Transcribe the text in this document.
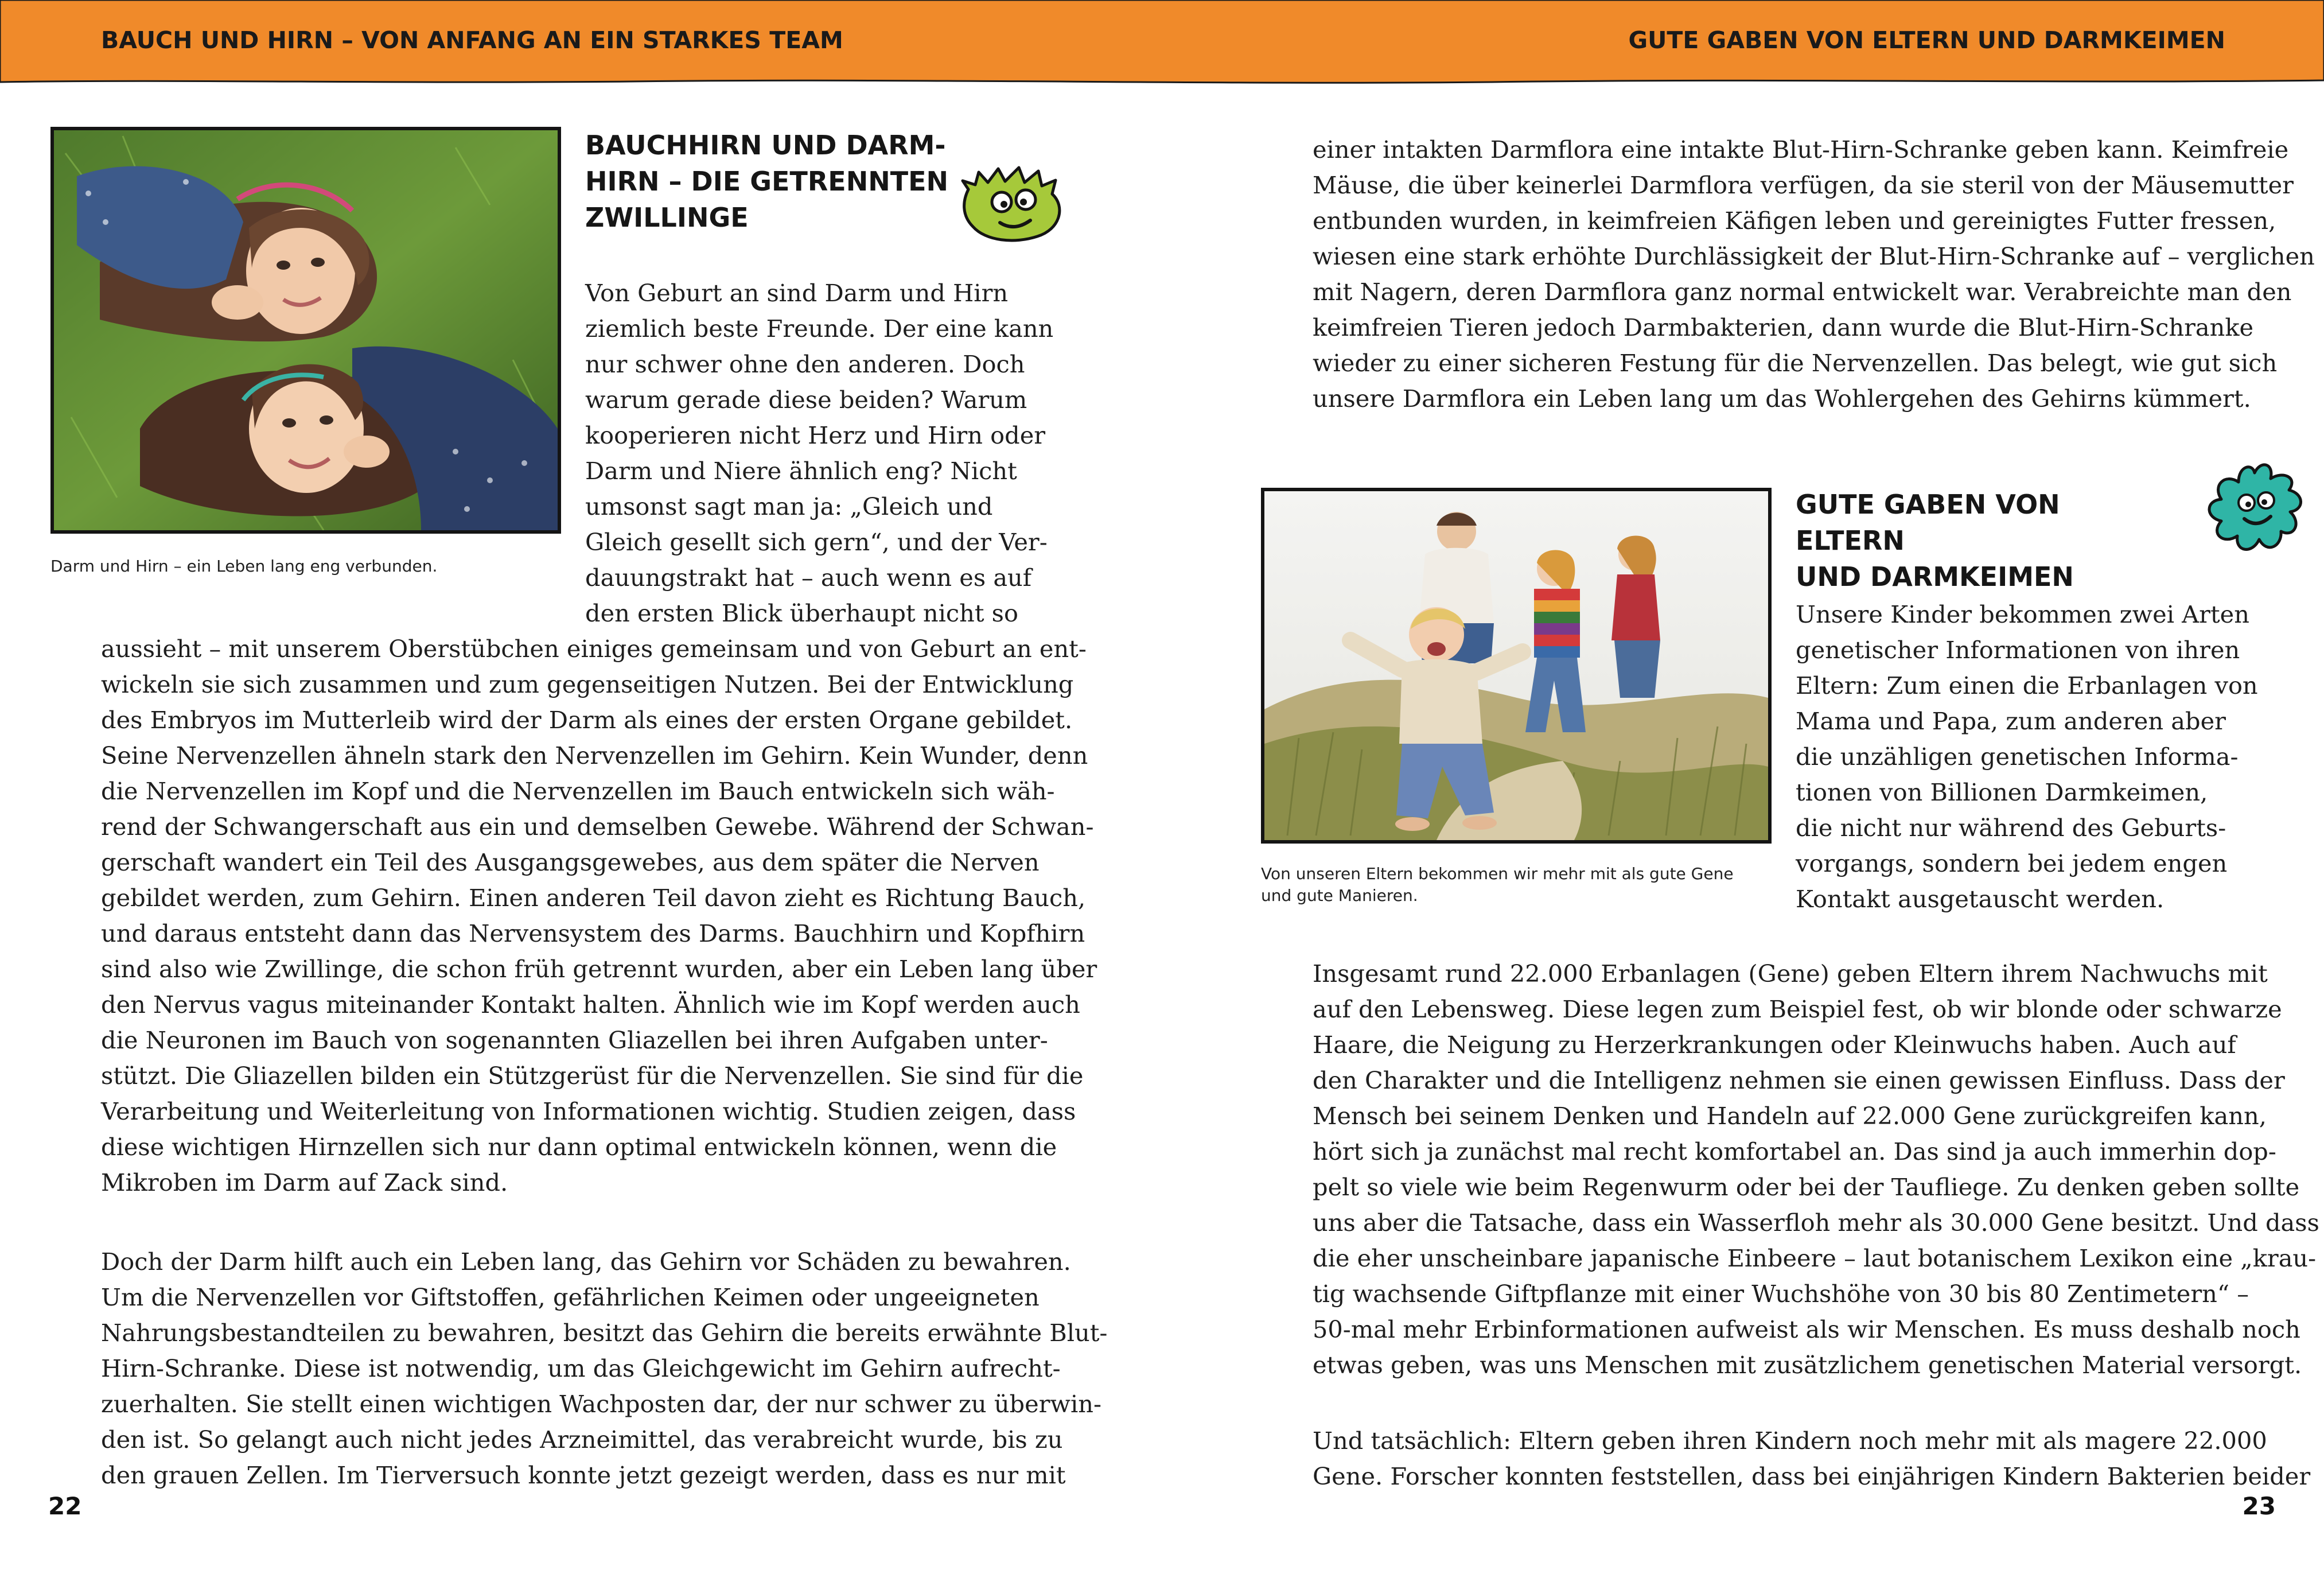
BAUCH UND HIRN – VON ANFANG AN EIN STARKES TEAM	GUTE GABEN VON ELTERN UND DARMKEIMEN
Darm und Hirn – ein Leben lang eng verbunden.
BAUCHHIRN UND DARM-
HIRN – DIE GETRENNTEN
ZWILLINGE
Von Geburt an sind Darm und Hirn
ziemlich beste Freunde. Der eine kann
nur schwer ohne den anderen. Doch
warum gerade diese beiden? Warum
kooperieren nicht Herz und Hirn oder
Darm und Niere ähnlich eng? Nicht
umsonst sagt man ja: „Gleich und
Gleich gesellt sich gern“, und der Ver-
dauungstrakt hat – auch wenn es auf
den ersten Blick überhaupt nicht so
aussieht – mit unserem Oberstübchen einiges gemeinsam und von Geburt an ent-
wickeln sie sich zusammen und zum gegenseitigen Nutzen. Bei der Entwicklung
des Embryos im Mutterleib wird der Darm als eines der ersten Organe gebildet.
Seine Nervenzellen ähneln stark den Nervenzellen im Gehirn. Kein Wunder, denn
die Nervenzellen im Kopf und die Nervenzellen im Bauch entwickeln sich wäh-
rend der Schwangerschaft aus ein und demselben Gewebe. Während der Schwan-
gerschaft wandert ein Teil des Ausgangsgewebes, aus dem später die Nerven
gebildet werden, zum Gehirn. Einen anderen Teil davon zieht es Richtung Bauch,
und daraus entsteht dann das Nervensystem des Darms. Bauchhirn und Kopfhirn
sind also wie Zwillinge, die schon früh getrennt wurden, aber ein Leben lang über
den Nervus vagus miteinander Kontakt halten. Ähnlich wie im Kopf werden auch
die Neuronen im Bauch von sogenannten Gliazellen bei ihren Aufgaben unter-
stützt. Die Gliazellen bilden ein Stützgerüst für die Nervenzellen. Sie sind für die
Verarbeitung und Weiterleitung von Informationen wichtig. Studien zeigen, dass
diese wichtigen Hirnzellen sich nur dann optimal entwickeln können, wenn die
Mikroben im Darm auf Zack sind.
Doch der Darm hilft auch ein Leben lang, das Gehirn vor Schäden zu bewahren.
Um die Nervenzellen vor Giftstoffen, gefährlichen Keimen oder ungeeigneten
Nahrungsbestandteilen zu bewahren, besitzt das Gehirn die bereits erwähnte Blut-
Hirn-Schranke. Diese ist notwendig, um das Gleichgewicht im Gehirn aufrecht-
zuerhalten. Sie stellt einen wichtigen Wachposten dar, der nur schwer zu überwin-
den ist. So gelangt auch nicht jedes Arzneimittel, das verabreicht wurde, bis zu
den grauen Zellen. Im Tierversuch konnte jetzt gezeigt werden, dass es nur mit
22
einer intakten Darmflora eine intakte Blut-Hirn-Schranke geben kann. Keimfreie
Mäuse, die über keinerlei Darmflora verfügen, da sie steril von der Mäusemutter
entbunden wurden, in keimfreien Käfigen leben und gereinigtes Futter fressen,
wiesen eine stark erhöhte Durchlässigkeit der Blut-Hirn-Schranke auf – verglichen
mit Nagern, deren Darmflora ganz normal entwickelt war. Verabreichte man den
keimfreien Tieren jedoch Darmbakterien, dann wurde die Blut-Hirn-Schranke
wieder zu einer sicheren Festung für die Nervenzellen. Das belegt, wie gut sich
unsere Darmflora ein Leben lang um das Wohlergehen des Gehirns kümmert.
Von unseren Eltern bekommen wir mehr mit als gute Gene
und gute Manieren.
GUTE GABEN VON ELTERN
UND DARMKEIMEN
Unsere Kinder bekommen zwei Arten
genetischer Informationen von ihren
Eltern: Zum einen die Erbanlagen von
Mama und Papa, zum anderen aber
die unzähligen genetischen Informa-
tionen von Billionen Darmkeimen,
die nicht nur während des Geburts-
vorgangs, sondern bei jedem engen
Kontakt ausgetauscht werden.
Insgesamt rund 22.000 Erbanlagen (Gene) geben Eltern ihrem Nachwuchs mit
auf den Lebensweg. Diese legen zum Beispiel fest, ob wir blonde oder schwarze
Haare, die Neigung zu Herzerkrankungen oder Kleinwuchs haben. Auch auf
den Charakter und die Intelligenz nehmen sie einen gewissen Einfluss. Dass der
Mensch bei seinem Denken und Handeln auf 22.000 Gene zurückgreifen kann,
hört sich ja zunächst mal recht komfortabel an. Das sind ja auch immerhin dop-
pelt so viele wie beim Regenwurm oder bei der Taufliege. Zu denken geben sollte
uns aber die Tatsache, dass ein Wasserfloh mehr als 30.000 Gene besitzt. Und dass
die eher unscheinbare japanische Einbeere – laut botanischem Lexikon eine „krau-
tig wachsende Giftpflanze mit einer Wuchshöhe von 30 bis 80 Zentimetern“ –
50-mal mehr Erbinformationen aufweist als wir Menschen. Es muss deshalb noch
etwas geben, was uns Menschen mit zusätzlichem genetischen Material versorgt.
Und tatsächlich: Eltern geben ihren Kindern noch mehr mit als magere 22.000
Gene. Forscher konnten feststellen, dass bei einjährigen Kindern Bakterien beider
23
